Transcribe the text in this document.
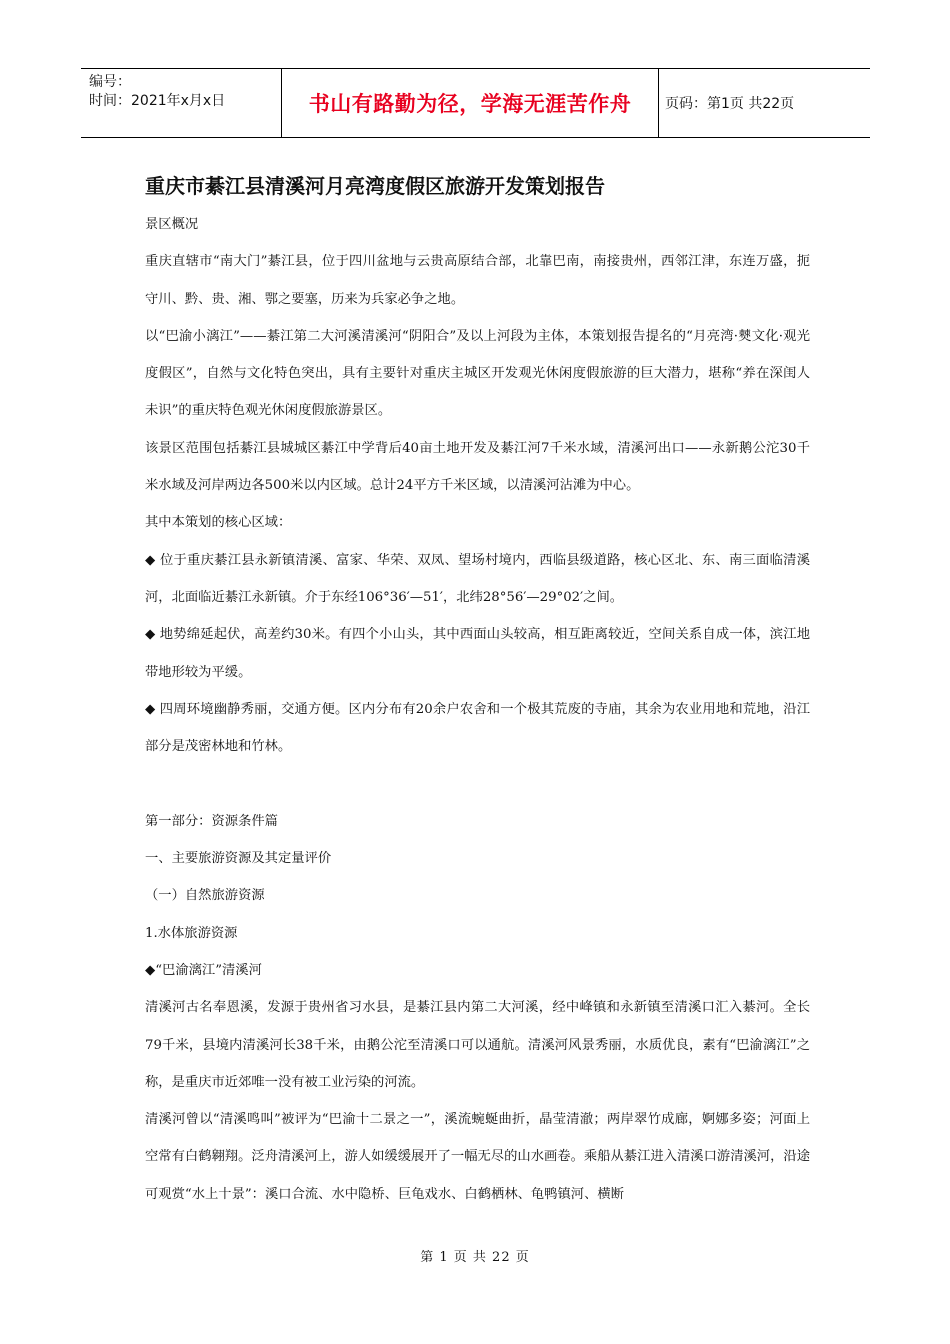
编号：
时间：2021年x月x日	书山有路勤为径，学海无涯苦作舟 页码：第1页 共22页
重庆市綦江县清溪河月亮湾度假区旅游开发策划报告

景区概况

重庆直辖市“南大门”綦江县，位于四川盆地与云贵高原结合部，北靠巴南，南接贵州，西邻江津，东连万盛，扼守川、黔、贵、湘、鄂之要塞，历来为兵家必争之地。

以“巴渝小漓江”——綦江第二大河溪清溪河“阴阳合”及以上河段为主体，本策划报告提名的“月亮湾·僰文化·观光度假区”，自然与文化特色突出，具有主要针对重庆主城区开发观光休闲度假旅游的巨大潜力，堪称“养在深闺人未识”的重庆特色观光休闲度假旅游景区。

该景区范围包括綦江县城城区綦江中学背后40亩土地开发及綦江河7千米水域，清溪河出口——永新鹅公沱30千米水域及河岸两边各500米以内区域。总计24平方千米区域，以清溪河沾滩为中心。

其中本策划的核心区域：

◆ 位于重庆綦江县永新镇清溪、富家、华荣、双凤、望场村境内，西临县级道路，核心区北、东、南三面临清溪河，北面临近綦江永新镇。介于东经106°36′—51′，北纬28°56′—29°02′之间。

◆ 地势绵延起伏，高差约30米。有四个小山头，其中西面山头较高，相互距离较近，空间关系自成一体，滨江地带地形较为平缓。

◆ 四周环境幽静秀丽，交通方便。区内分布有20余户农舍和一个极其荒废的寺庙，其余为农业用地和荒地，沿江部分是茂密林地和竹林。

第一部分：资源条件篇

一、主要旅游资源及其定量评价

（一）自然旅游资源

1.水体旅游资源

◆“巴渝漓江”清溪河

清溪河古名奉恩溪，发源于贵州省习水县，是綦江县内第二大河溪，经中峰镇和永新镇至清溪口汇入綦河。全长79千米，县境内清溪河长38千米，由鹅公沱至清溪口可以通航。清溪河风景秀丽，水质优良，素有“巴渝漓江”之称，是重庆市近郊唯一没有被工业污染的河流。

清溪河曾以“清溪鸣叫”被评为“巴渝十二景之一”，溪流蜿蜒曲折，晶莹清澈；两岸翠竹成廊，婀娜多姿；河面上空常有白鹤翱翔。泛舟清溪河上，游人如缓缓展开了一幅无尽的山水画卷。乘船从綦江进入清溪口游清溪河，沿途可观赏“水上十景”：溪口合流、水中隐桥、巨龟戏水、白鹤栖林、龟鸭镇河、横断

第 1 页 共 22 页
